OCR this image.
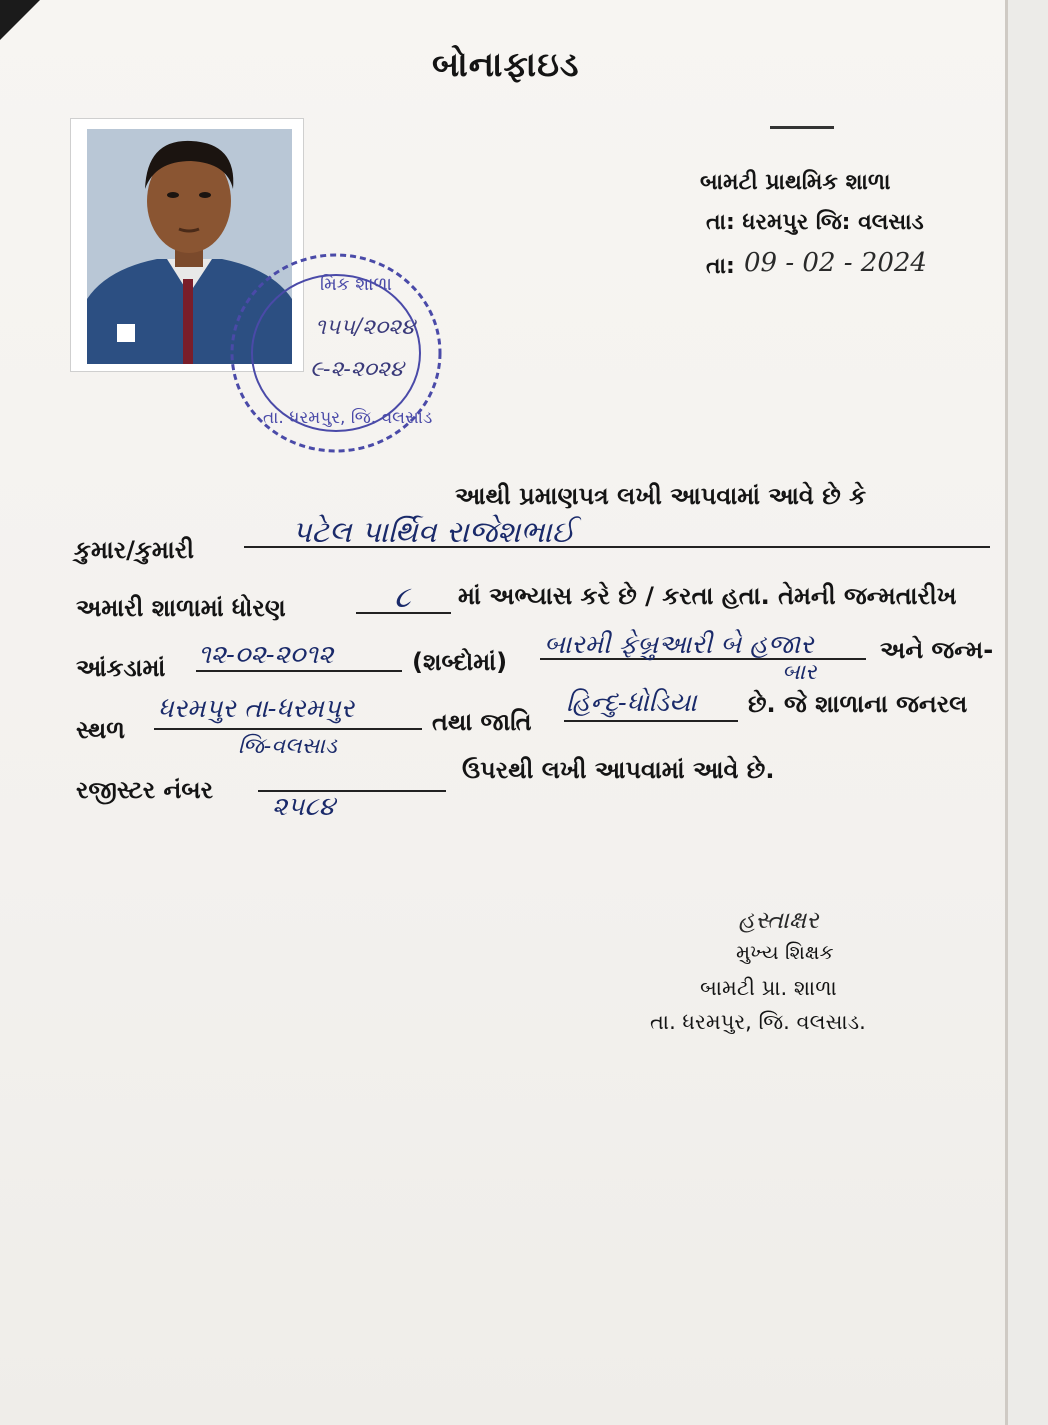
બોનાફાઇડ
મિક શાળા
૧૫૫/૨૦૨૪
૯-૨-૨૦૨૪
તા. ધરમપુર, જિ. વલસાડ
બામટી પ્રાથમિક શાળા
તા: ધરમપુર જિ: વલસાડ
તા: 09 - 02 - 2024
આથી પ્રમાણપત્ર લખી આપવામાં આવે છે કે
કુમાર/કુમારી	પટેલ પાર્થિવ રાજેશભાઈ
અમારી શાળામાં ધોરણ	૮ માં અભ્યાસ કરે છે / કરતા હતા. તેમની જન્મતારીખ
આંકડામાં ૧૨-૦૨-૨૦૧૨	(શબ્દોમાં)
બારમી ફેબ્રુઆરી બે હજાર
બાર
અને જન્મ-
સ્થળ
ધરમપુર તા-ધરમપુર
જિ-વલસાડ
તથા જાતિ
હિન્દુ-ધોડિયા છે. જે શાળાના જનરલ
રજીસ્ટર નંબર
૨૫૮૪
ઉપરથી લખી આપવામાં આવે છે.
હસ્તાક્ષર
મુખ્ય શિક્ષક
બામટી પ્રા. શાળા
તા. ધરમપુર, જિ. વલસાડ.
